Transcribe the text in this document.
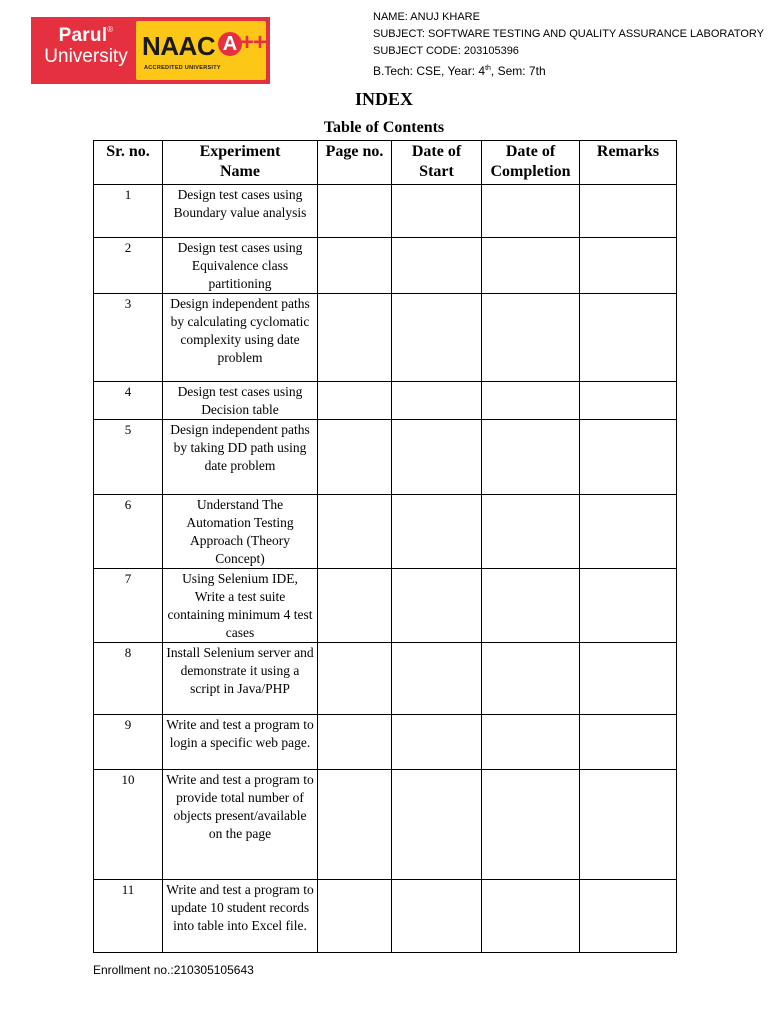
Parul®
University NAAC A ++
ACCREDITED UNIVERSITY
NAME: ANUJ KHARE
SUBJECT: SOFTWARE TESTING AND QUALITY ASSURANCE LABORATORY
SUBJECT CODE: 203105396
B.Tech: CSE, Year: 4th, Sem: 7th
INDEX
Table of Contents
Sr. no.	Experiment Name	Page no.	Date of Start	Date of Completion	Remarks
1	Design test cases using Boundary value analysis				
2	Design test cases using Equivalence class partitioning				
3	Design independent paths by calculating cyclomatic complexity using date problem				
4	Design test cases using Decision table				
5	Design independent paths by taking DD path using date problem				
6	Understand The Automation Testing Approach (Theory Concept)				
7	Using Selenium IDE, Write a test suite containing minimum 4 test cases				
8	Install Selenium server and demonstrate it using a script in Java/PHP				
9	Write and test a program to login a specific web page.				
10	Write and test a program to provide total number of objects present/available on the page				
11	Write and test a program to update 10 student records into table into Excel file.				
Enrollment no.:210305105643
